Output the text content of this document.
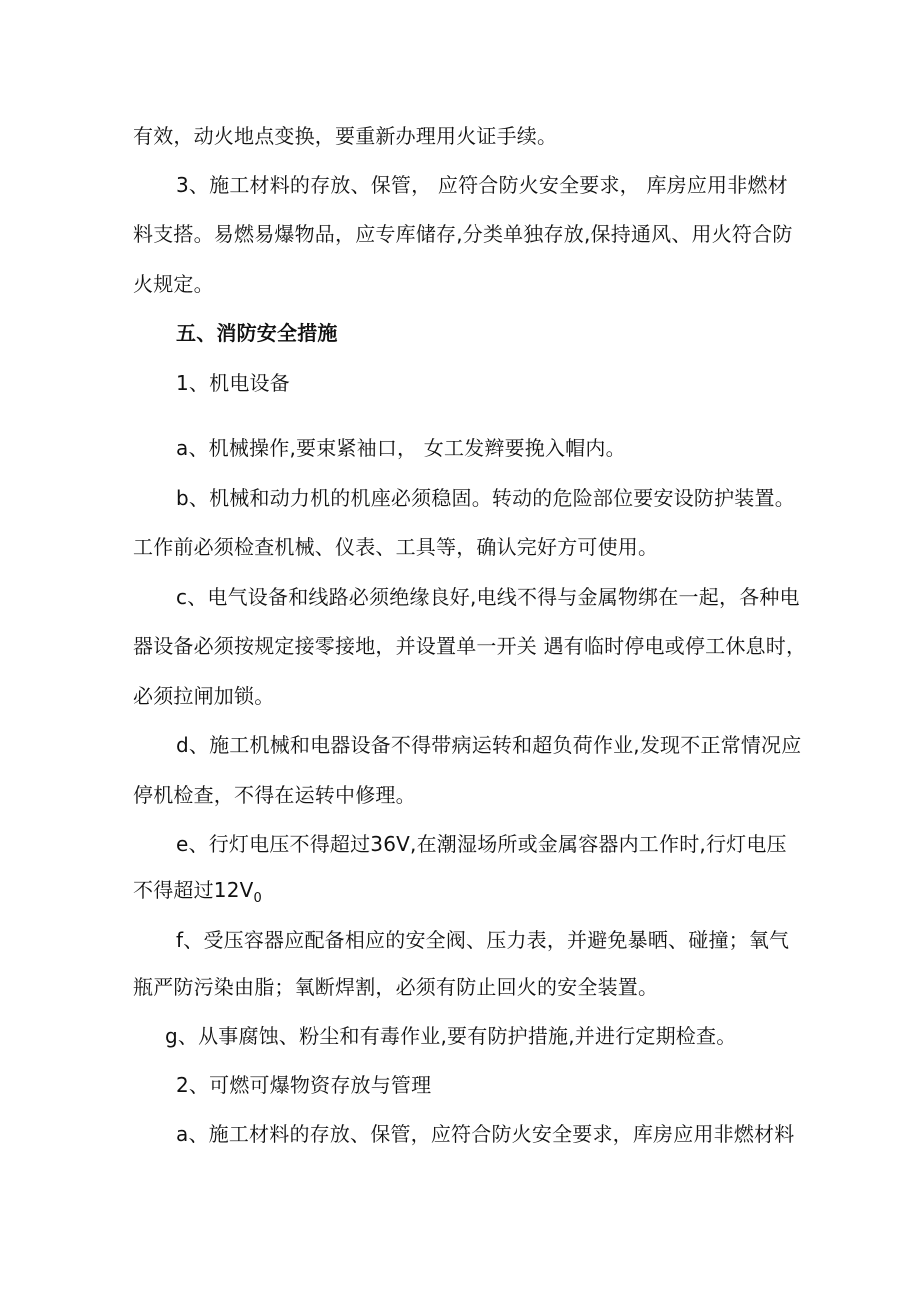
有效，动火地点变换，要重新办理用火证手续。
3、施工材料的存放、保管， 应符合防火安全要求， 库房应用非燃材
料支搭。易燃易爆物品，应专库储存,分类单独存放,保持通风、用火符合防
火规定。
五、消防安全措施
1、机电设备
a、机械操作,要束紧袖口， 女工发辫要挽入帽内。
b、机械和动力机的机座必须稳固。转动的危险部位要安设防护装置。
工作前必须检查机械、仪表、工具等，确认完好方可使用。
c、电气设备和线路必须绝缘良好,电线不得与金属物绑在一起，各种电
器设备必须按规定接零接地，并设置单一开关 遇有临时停电或停工休息时，
必须拉闸加锁。
d、施工机械和电器设备不得带病运转和超负荷作业,发现不正常情况应
停机检查，不得在运转中修理。
e、行灯电压不得超过36V,在潮湿场所或金属容器内工作时,行灯电压
不得超过$12V_0$
f、受压容器应配备相应的安全阀、压力表，并避免暴晒、碰撞；氧气
瓶严防污染由脂；氧断焊割，必须有防止回火的安全装置。
g、从事腐蚀、粉尘和有毒作业,要有防护措施,并进行定期检查。
2、可燃可爆物资存放与管理
a、施工材料的存放、保管，应符合防火安全要求，库房应用非燃材料
